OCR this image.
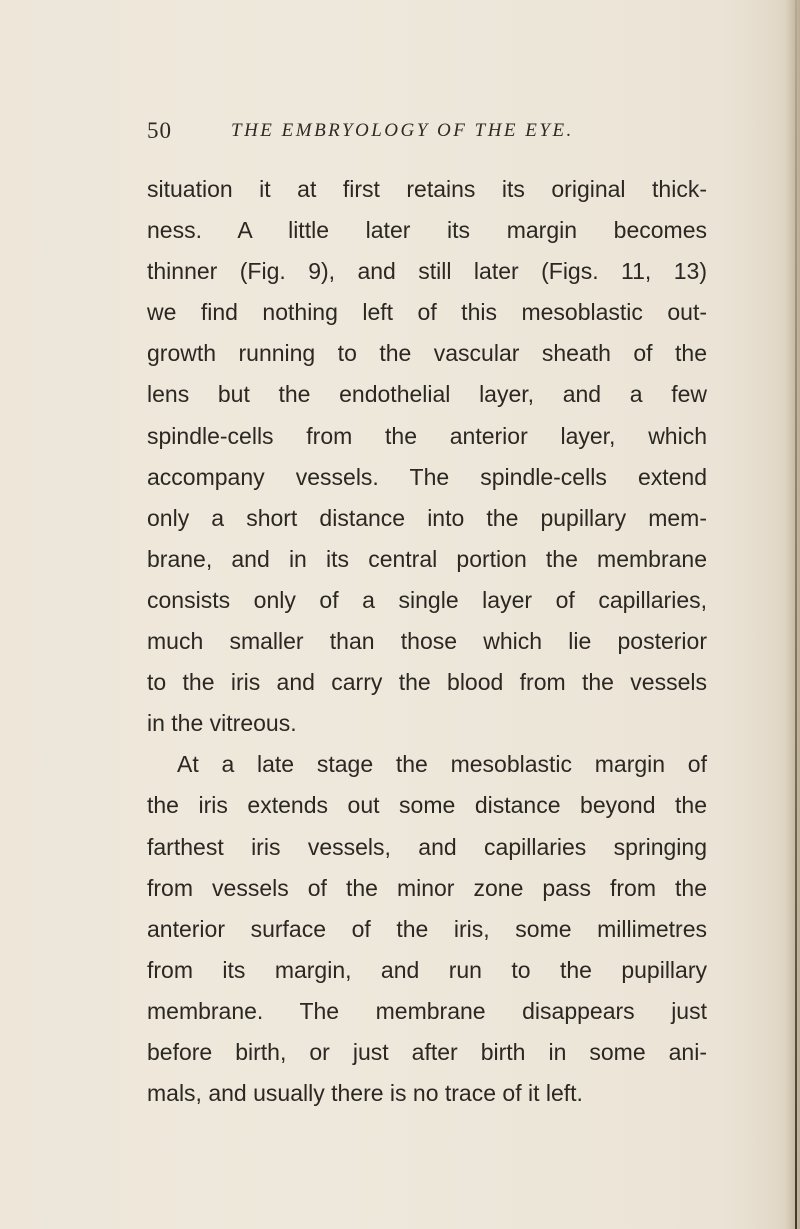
50	THE EMBRYOLOGY OF THE EYE.
situation it at first retains its original thick-
ness. A little later its margin becomes
thinner (Fig. 9), and still later (Figs. 11, 13)
we find nothing left of this mesoblastic out-
growth running to the vascular sheath of the
lens but the endothelial layer, and a few
spindle-cells from the anterior layer, which
accompany vessels. The spindle-cells extend
only a short distance into the pupillary mem-
brane, and in its central portion the membrane
consists only of a single layer of capillaries,
much smaller than those which lie posterior
to the iris and carry the blood from the vessels
in the vitreous.
At a late stage the mesoblastic margin of
the iris extends out some distance beyond the
farthest iris vessels, and capillaries springing
from vessels of the minor zone pass from the
anterior surface of the iris, some millimetres
from its margin, and run to the pupillary
membrane. The membrane disappears just
before birth, or just after birth in some ani-
mals, and usually there is no trace of it left.
